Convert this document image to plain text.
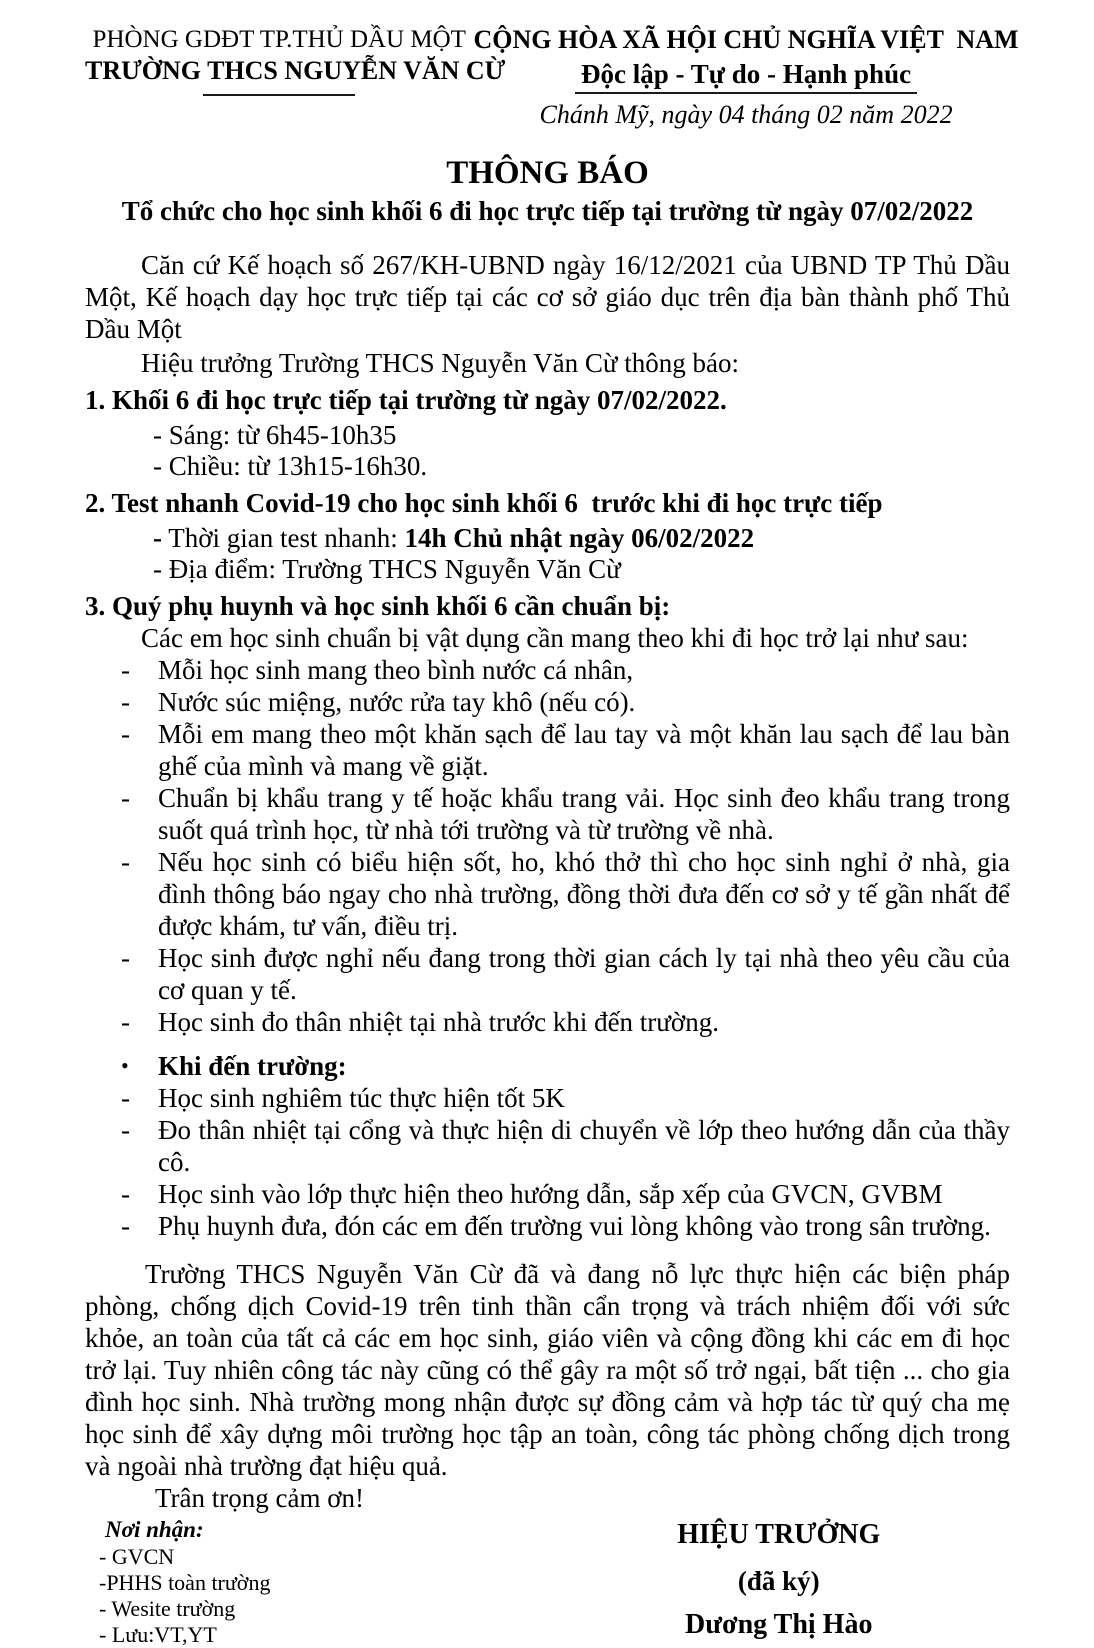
PHÒNG GDĐT TP.THỦ DẦU MỘT
TRƯỜNG THCS NGUYỄN VĂN CỪ
CỘNG HÒA XÃ HỘI CHỦ NGHĨA VIỆT  NAM
Độc lập - Tự do - Hạnh phúc
Chánh Mỹ, ngày 04 tháng 02 năm 2022
THÔNG BÁO
Tổ chức cho học sinh khối 6 đi học trực tiếp tại trường từ ngày 07/02/2022

Căn cứ Kế hoạch số 267/KH-UBND ngày 16/12/2021 của UBND TP Thủ Dầu Một, Kế hoạch dạy học trực tiếp tại các cơ sở giáo dục trên địa bàn thành phố Thủ Dầu Một

Hiệu trưởng Trường THCS Nguyễn Văn Cừ thông báo:

1. Khối 6 đi học trực tiếp tại trường từ ngày 07/02/2022.
- Sáng: từ 6h45-10h35
- Chiều: từ 13h15-16h30.
2. Test nhanh Covid-19 cho học sinh khối 6  trước khi đi học trực tiếp
- Thời gian test nhanh: 14h Chủ nhật ngày 06/02/2022
- Địa điểm: Trường THCS Nguyễn Văn Cừ
3. Quý phụ huynh và học sinh khối 6 cần chuẩn bị:

Các em học sinh chuẩn bị vật dụng cần mang theo khi đi học trở lại như sau:

-	Mỗi học sinh mang theo bình nước cá nhân,
-	Nước súc miệng, nước rửa tay khô (nếu có).
-	Mỗi em mang theo một khăn sạch để lau tay và một khăn lau sạch để lau bàn ghế của mình và mang về giặt.
-	Chuẩn bị khẩu trang y tế hoặc khẩu trang vải. Học sinh đeo khẩu trang trong suốt quá trình học, từ nhà tới trường và từ trường về nhà.
-	Nếu học sinh có biểu hiện sốt, ho, khó thở thì cho học sinh nghỉ ở nhà, gia đình thông báo ngay cho nhà trường, đồng thời đưa đến cơ sở y tế gần nhất để được khám, tư vấn, điều trị.
-	Học sinh được nghỉ nếu đang trong thời gian cách ly tại nhà theo yêu cầu của cơ quan y tế.
-	Học sinh đo thân nhiệt tại nhà trước khi đến trường.
•	Khi đến trường:
-	Học sinh nghiêm túc thực hiện tốt 5K
-	Đo thân nhiệt tại cổng và thực hiện di chuyển về lớp theo hướng dẫn của thầy cô.
-	Học sinh vào lớp thực hiện theo hướng dẫn, sắp xếp của GVCN, GVBM
-	Phụ huynh đưa, đón các em đến trường vui lòng không vào trong sân trường.

Trường THCS Nguyễn Văn Cừ đã và đang nỗ lực thực hiện các biện pháp phòng, chống dịch Covid-19 trên tinh thần cẩn trọng và trách nhiệm đối với sức khỏe, an toàn của tất cả các em học sinh, giáo viên và cộng đồng khi các em đi học trở lại. Tuy nhiên công tác này cũng có thể gây ra một số trở ngại, bất tiện ... cho gia đình học sinh. Nhà trường mong nhận được sự đồng cảm và hợp tác từ quý cha mẹ học sinh để xây dựng môi trường học tập an toàn, công tác phòng chống dịch trong và ngoài nhà trường đạt hiệu quả.

Trân trọng cảm ơn!

Nơi nhận:
- GVCN
-PHHS toàn trường
- Wesite trường
- Lưu:VT,YT
HIỆU TRƯỞNG
(đã ký)
Dương Thị Hào
